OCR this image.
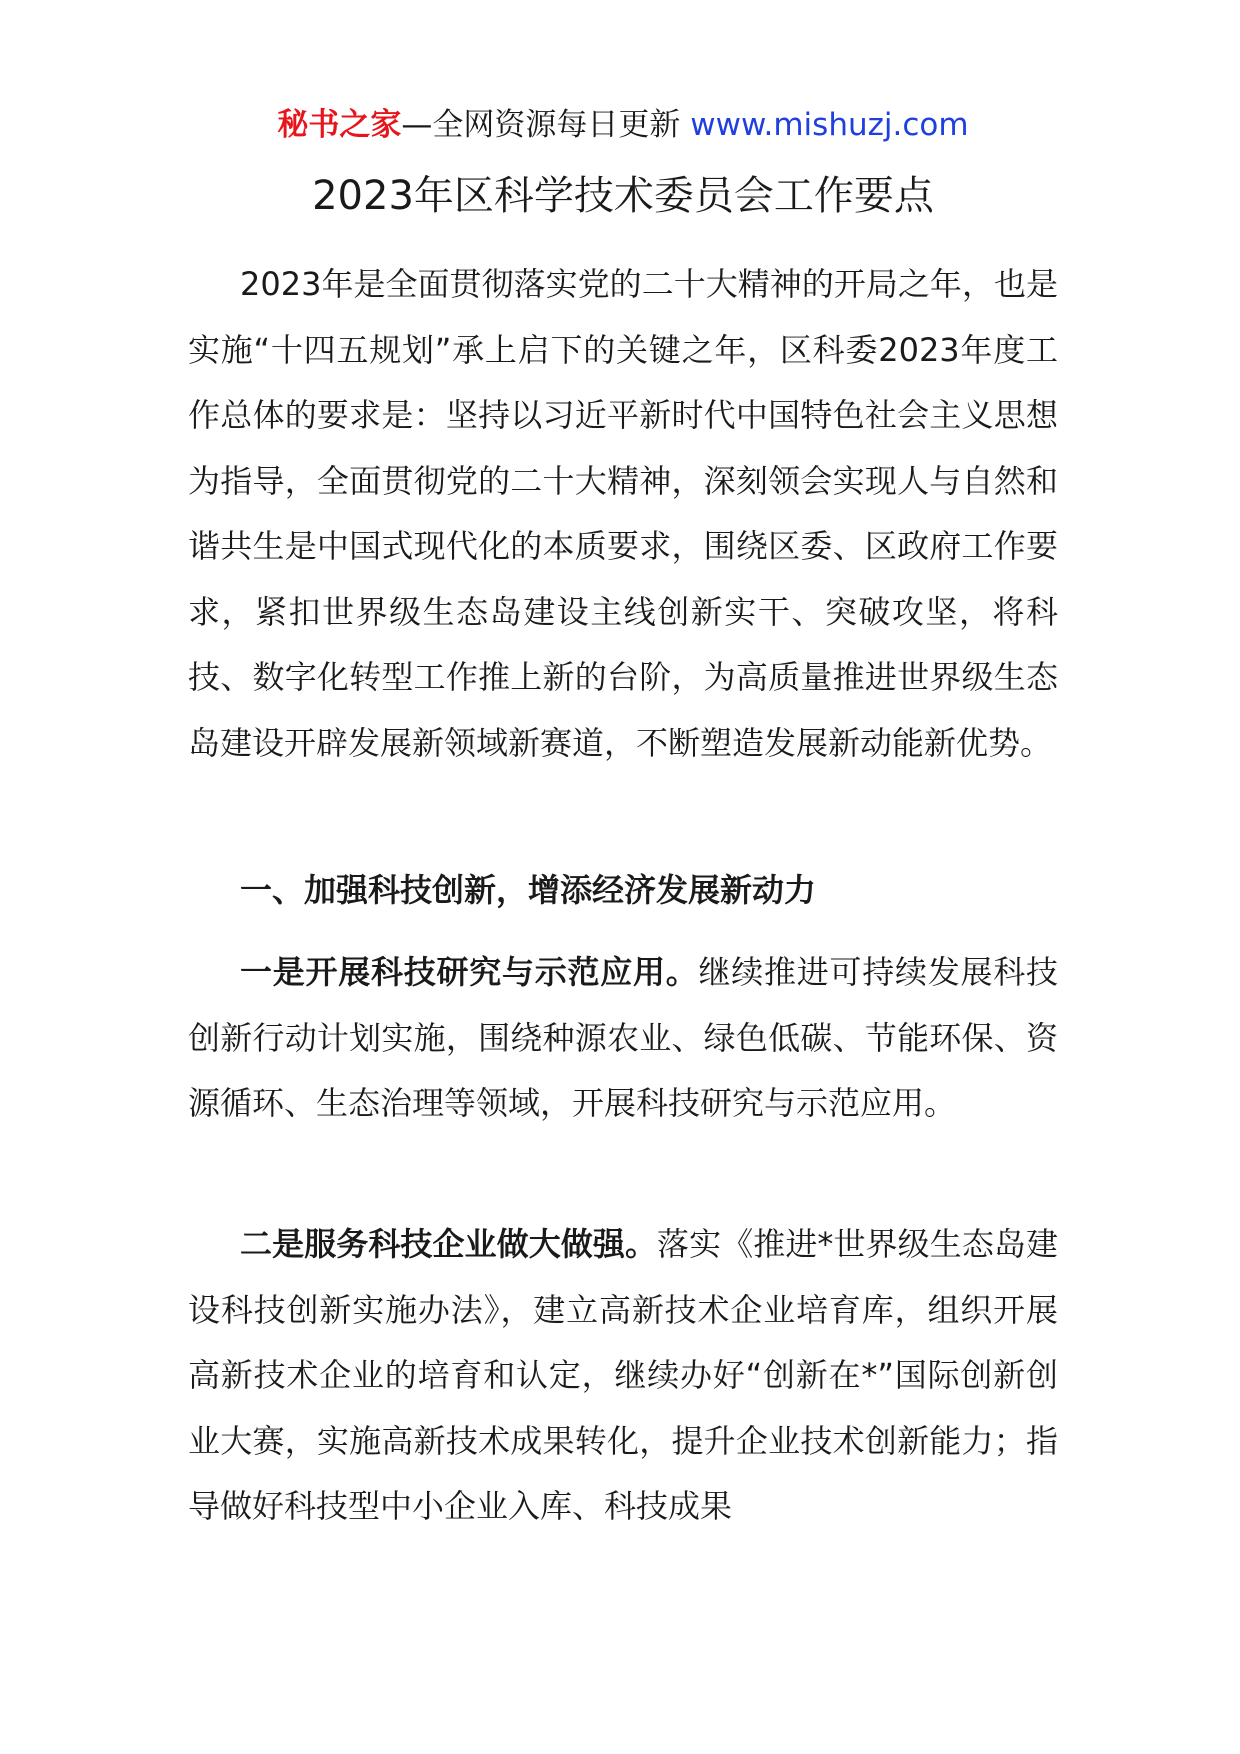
秘书之家—全网资源每日更新 www.mishuzj.com
2023年区科学技术委员会工作要点

2023年是全面贯彻落实党的二十大精神的开局之年，也是实施“十四五规划”承上启下的关键之年，区科委2023年度工作总体的要求是：坚持以习近平新时代中国特色社会主义思想为指导，全面贯彻党的二十大精神，深刻领会实现人与自然和谐共生是中国式现代化的本质要求，围绕区委、区政府工作要求，紧扣世界级生态岛建设主线创新实干、突破攻坚，将科技、数字化转型工作推上新的台阶，为高质量推进世界级生态岛建设开辟发展新领域新赛道，不断塑造发展新动能新优势。

一、加强科技创新，增添经济发展新动力

一是开展科技研究与示范应用。继续推进可持续发展科技创新行动计划实施，围绕种源农业、绿色低碳、节能环保、资源循环、生态治理等领域，开展科技研究与示范应用。

二是服务科技企业做大做强。落实《推进*世界级生态岛建设科技创新实施办法》，建立高新技术企业培育库，组织开展高新技术企业的培育和认定，继续办好“创新在*”国际创新创业大赛，实施高新技术成果转化，提升企业技术创新能力；指导做好科技型中小企业入库、科技成果
